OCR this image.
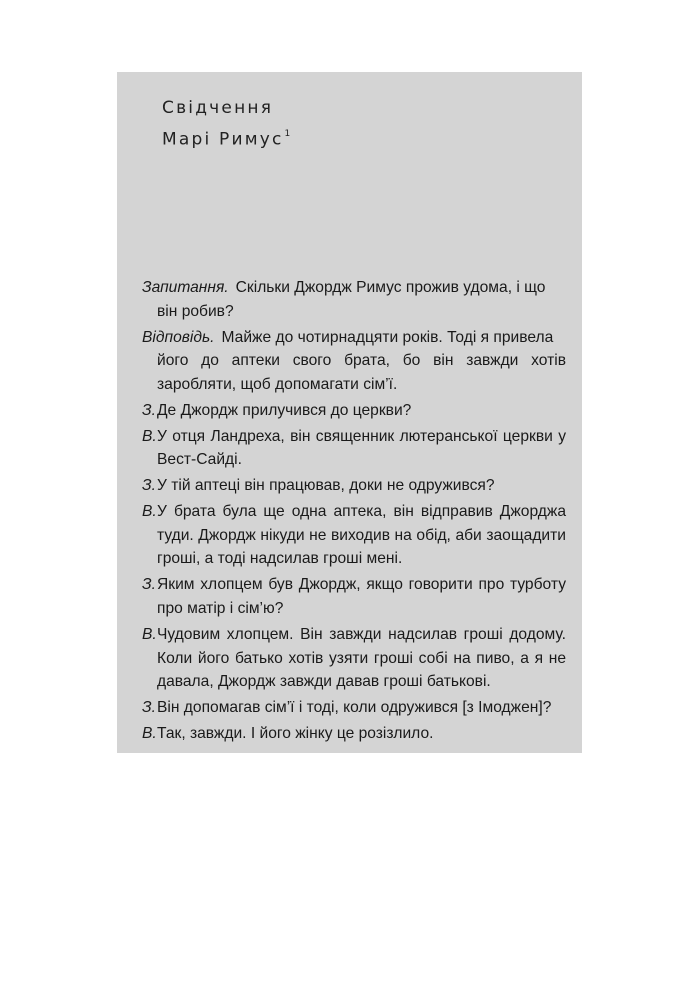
Свідчення
Марі Римус$^1$
Запитання. Скільки Джордж Римус прожив удома, і що
він робив?
Відповідь. Майже до чотирнадцяти років. Тоді я привела
його до аптеки свого брата, бо він завжди хотів заробляти, щоб допомагати сім’ї.
З. Де Джордж прилучився до церкви?
В. У отця Ландреха, він священник лютеранської церкви у Вест-Сайді.
З. У тій аптеці він працював, доки не одружився?
В. У брата була ще одна аптека, він відправив Джорджа туди. Джордж нікуди не виходив на обід, аби заощадити гроші, а тоді надсилав гроші мені.
З. Яким хлопцем був Джордж, якщо говорити про турботу про матір і сім’ю?
В. Чудовим хлопцем. Він завжди надсилав гроші додому. Коли його батько хотів узяти гроші собі на пиво, а я не давала, Джордж завжди давав гроші батькові.
З. Він допомагав сім’ї і тоді, коли одружився [з Імоджен]?
В. Так, завжди. І його жінку це розізлило.
